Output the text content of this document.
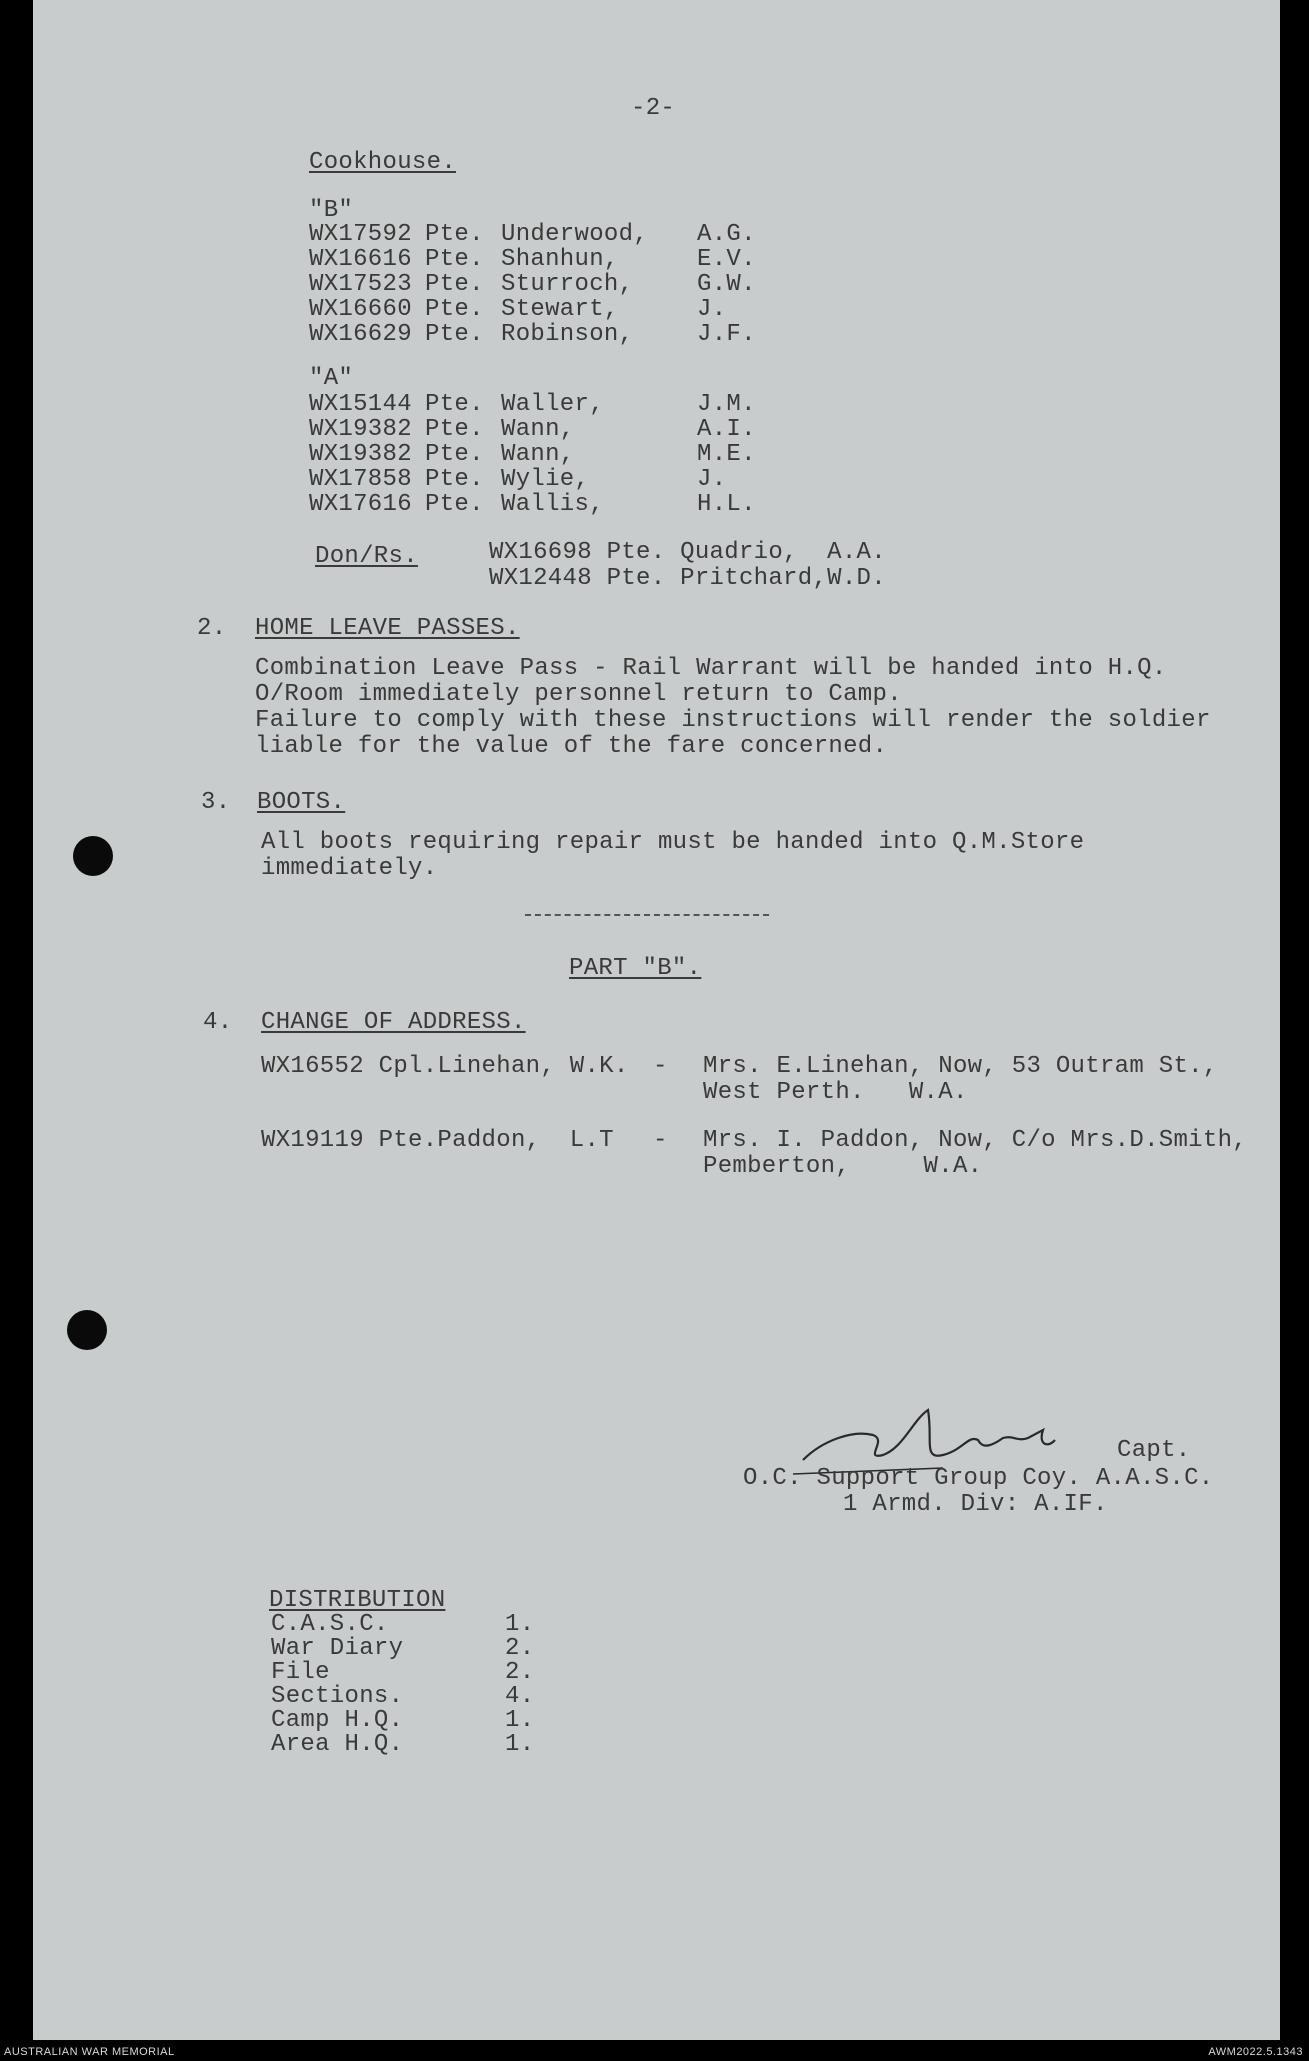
-2-
Cookhouse.
"B"
WX17592 Pte. Underwood, A.G.
WX16616 Pte. Shanhun,	E.V.
WX17523 Pte. Sturroch,	G.W.
WX16660 Pte. Stewart,	J.
WX16629 Pte. Robinson,	J.F.
"A"
WX15144 Pte. Waller,	J.M.
WX19382 Pte. Wann,	A.I.
WX19382 Pte. Wann,	M.E.
WX17858 Pte. Wylie,	J.
WX17616 Pte. Wallis,	H.L.
Don/Rs.	WX16698 Pte. Quadrio,  A.A.
WX12448 Pte. Pritchard,W.D.
2. HOME LEAVE PASSES.
Combination Leave Pass - Rail Warrant will be handed into H.Q.
O/Room immediately personnel return to Camp.
Failure to comply with these instructions will render the soldier
liable for the value of the fare concerned.
3. BOOTS.
All boots requiring repair must be handed into Q.M.Store
immediately.
PART "B".
4. CHANGE OF ADDRESS.
WX16552 Cpl.Linehan, W.K. - Mrs. E.Linehan, Now, 53 Outram St.,
West Perth.   W.A.
WX19119 Pte.Paddon,  L.T - Mrs. I. Paddon, Now, C/o Mrs.D.Smith,
Pemberton,     W.A.
Capt.
O.C. Support Group Coy. A.A.S.C.
1 Armd. Div: A.IF.
DISTRIBUTION
C.A.S.C.	1.
War Diary	2.
File	2.
Sections.	4.
Camp H.Q.	1.
Area H.Q.	1.
AUSTRALIAN WAR MEMORIAL	AWM2022.5.1343
